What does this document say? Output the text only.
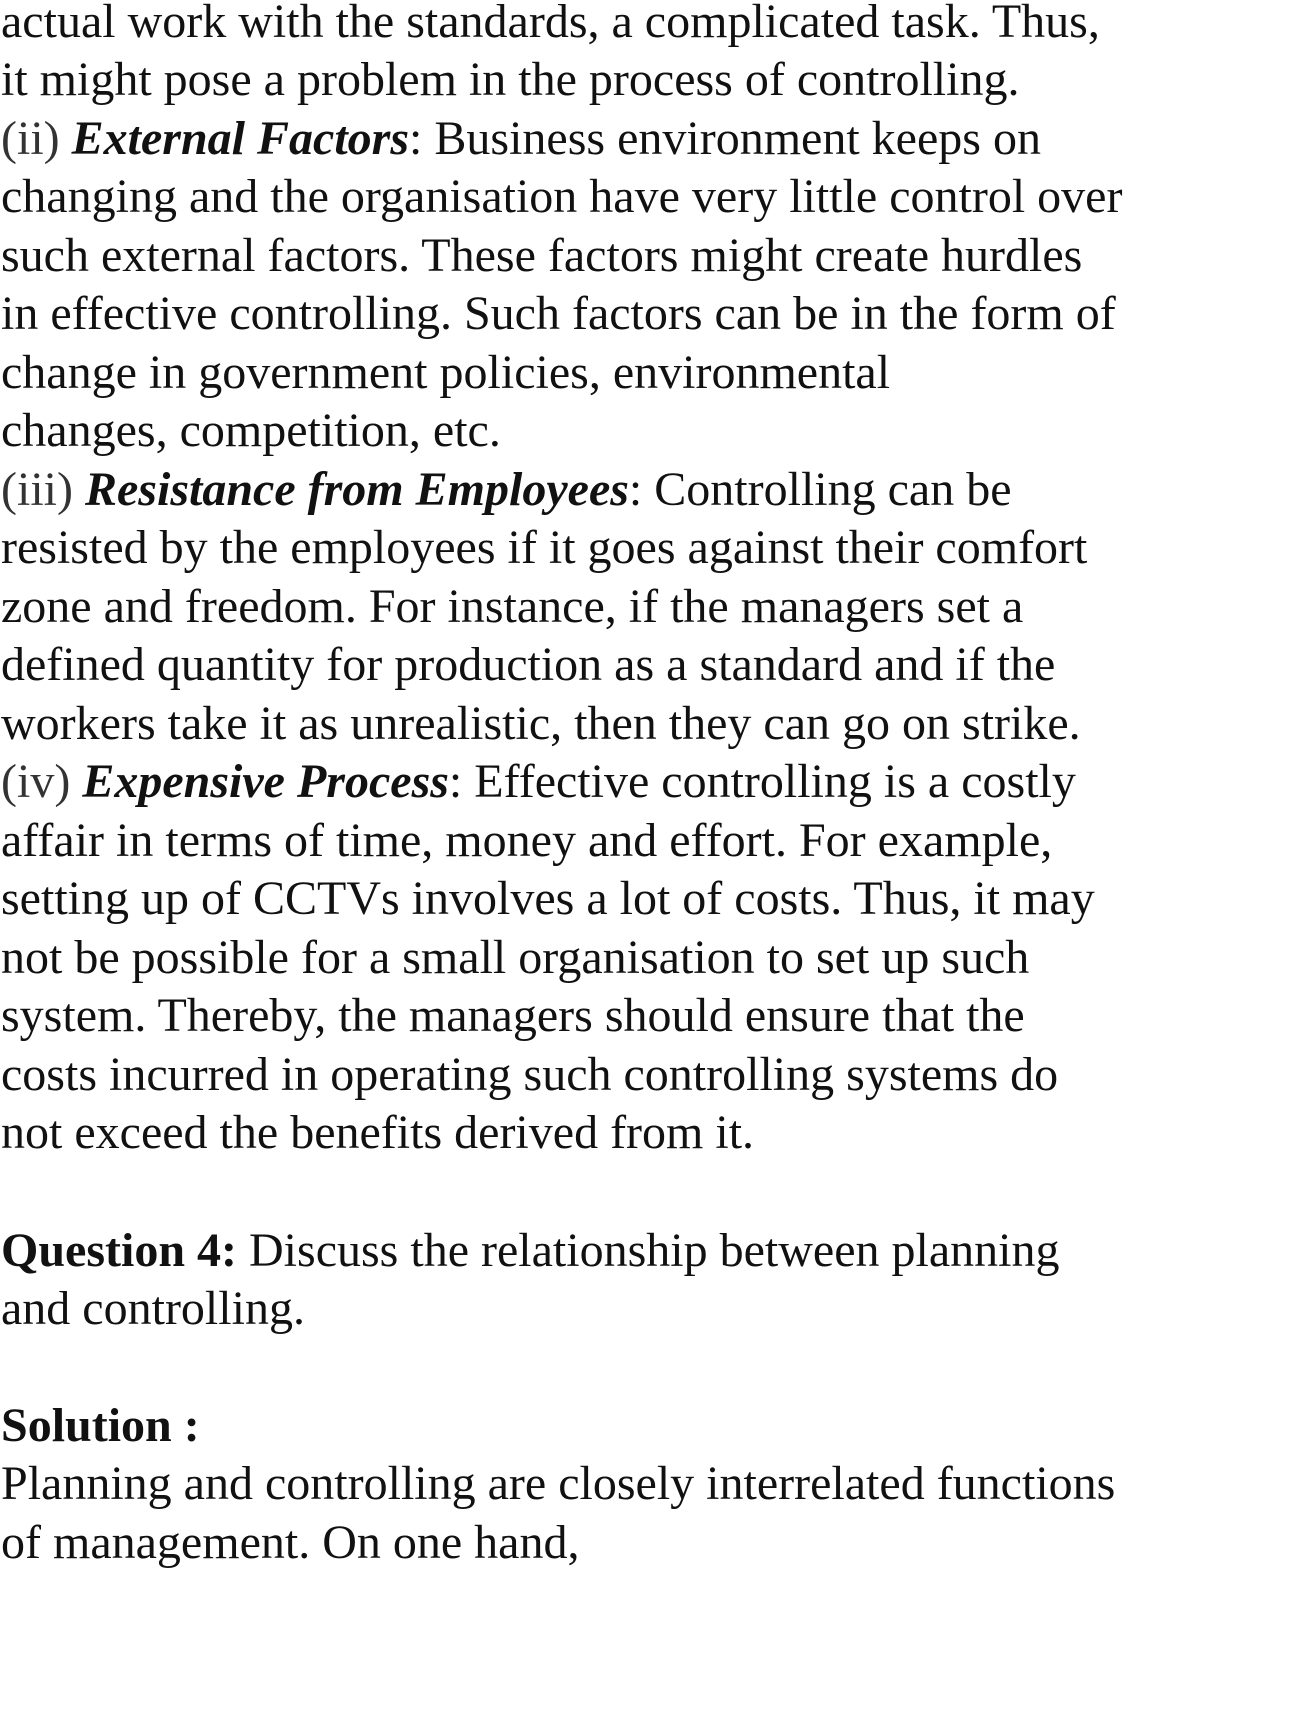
actual work with the standards, a complicated task. Thus,

it might pose a problem in the process of controlling.

(ii) External Factors: Business environment keeps on

changing and the organisation have very little control over

such external factors. These factors might create hurdles

in effective controlling. Such factors can be in the form of

change in government policies, environmental

changes, competition, etc.

(iii) Resistance from Employees: Controlling can be

resisted by the employees if it goes against their comfort

zone and freedom. For instance, if the managers set a

defined quantity for production as a standard and if the

workers take it as unrealistic, then they can go on strike.

(iv) Expensive Process: Effective controlling is a costly

affair in terms of time, money and effort. For example,

setting up of CCTVs involves a lot of costs. Thus, it may

not be possible for a small organisation to set up such

system. Thereby, the managers should ensure that the

costs incurred in operating such controlling systems do

not exceed the benefits derived from it.

Question 4: Discuss the relationship between planning

and controlling.

Solution :

Planning and controlling are closely interrelated functions

of management. On one hand,
